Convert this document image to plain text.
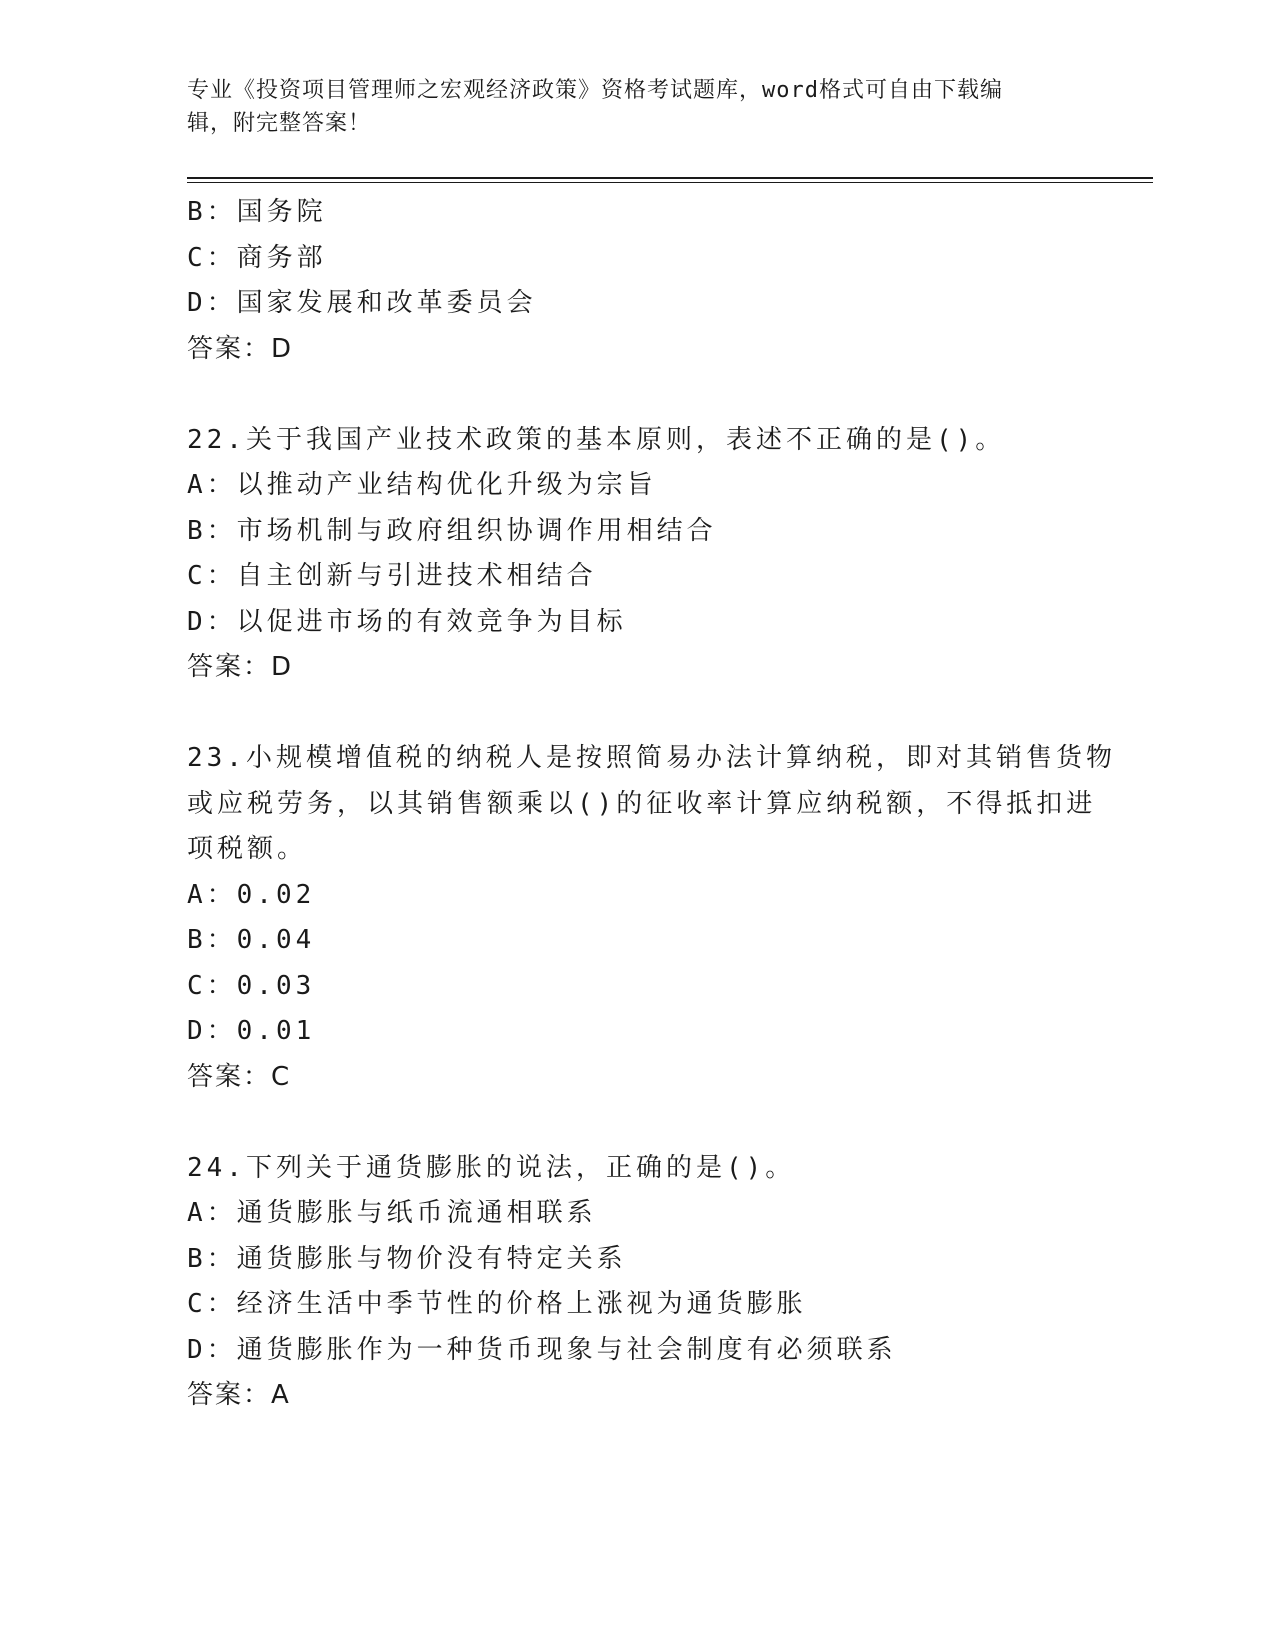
专业《投资项目管理师之宏观经济政策》资格考试题库，word格式可自由下载编
辑，附完整答案！
B：国务院
C：商务部
D：国家发展和改革委员会
答案：D
22.关于我国产业技术政策的基本原则，表述不正确的是()。
A：以推动产业结构优化升级为宗旨
B：市场机制与政府组织协调作用相结合
C：自主创新与引进技术相结合
D：以促进市场的有效竞争为目标
答案：D
23.小规模增值税的纳税人是按照简易办法计算纳税，即对其销售货物
或应税劳务，以其销售额乘以()的征收率计算应纳税额，不得抵扣进
项税额。
A：0.02
B：0.04
C：0.03
D：0.01
答案：C
24.下列关于通货膨胀的说法，正确的是()。
A：通货膨胀与纸币流通相联系
B：通货膨胀与物价没有特定关系
C：经济生活中季节性的价格上涨视为通货膨胀
D：通货膨胀作为一种货币现象与社会制度有必须联系
答案：A
